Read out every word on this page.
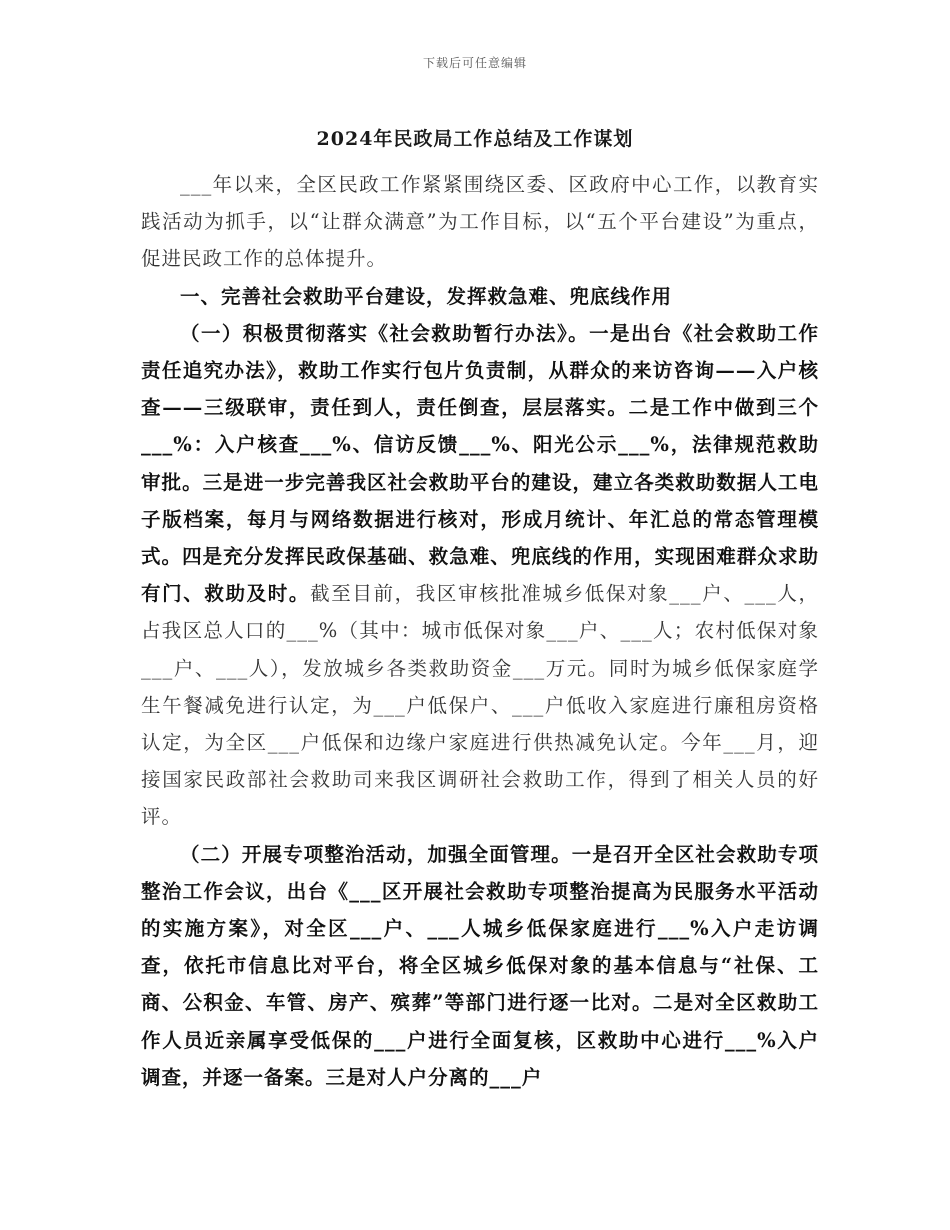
下载后可任意编辑
2024年民政局工作总结及工作谋划

___年以来，全区民政工作紧紧围绕区委、区政府中心工作，以教育实践活动为抓手，以“让群众满意”为工作目标，以“五个平台建设”为重点，促进民政工作的总体提升。

一、完善社会救助平台建设，发挥救急难、兜底线作用

（一）积极贯彻落实《社会救助暂行办法》。一是出台《社会救助工作责任追究办法》，救助工作实行包片负责制，从群众的来访咨询——入户核查——三级联审，责任到人，责任倒查，层层落实。二是工作中做到三个___%：入户核查___%、信访反馈___%、阳光公示___%，法律规范救助审批。三是进一步完善我区社会救助平台的建设，建立各类救助数据人工电子版档案，每月与网络数据进行核对，形成月统计、年汇总的常态管理模式。四是充分发挥民政保基础、救急难、兜底线的作用，实现困难群众求助有门、救助及时。截至目前，我区审核批准城乡低保对象___户、___人，占我区总人口的___%（其中：城市低保对象___户、___人；农村低保对象___户、___人），发放城乡各类救助资金___万元。同时为城乡低保家庭学生午餐减免进行认定，为___户低保户、___户低收入家庭进行廉租房资格认定，为全区___户低保和边缘户家庭进行供热减免认定。今年___月，迎接国家民政部社会救助司来我区调研社会救助工作，得到了相关人员的好评。

（二）开展专项整治活动，加强全面管理。一是召开全区社会救助专项整治工作会议，出台《___区开展社会救助专项整治提高为民服务水平活动的实施方案》，对全区___户、___人城乡低保家庭进行___%入户走访调查，依托市信息比对平台，将全区城乡低保对象的基本信息与“社保、工商、公积金、车管、房产、殡葬”等部门进行逐一比对。二是对全区救助工作人员近亲属享受低保的___户进行全面复核，区救助中心进行___%入户调查，并逐一备案。三是对人户分离的___户
